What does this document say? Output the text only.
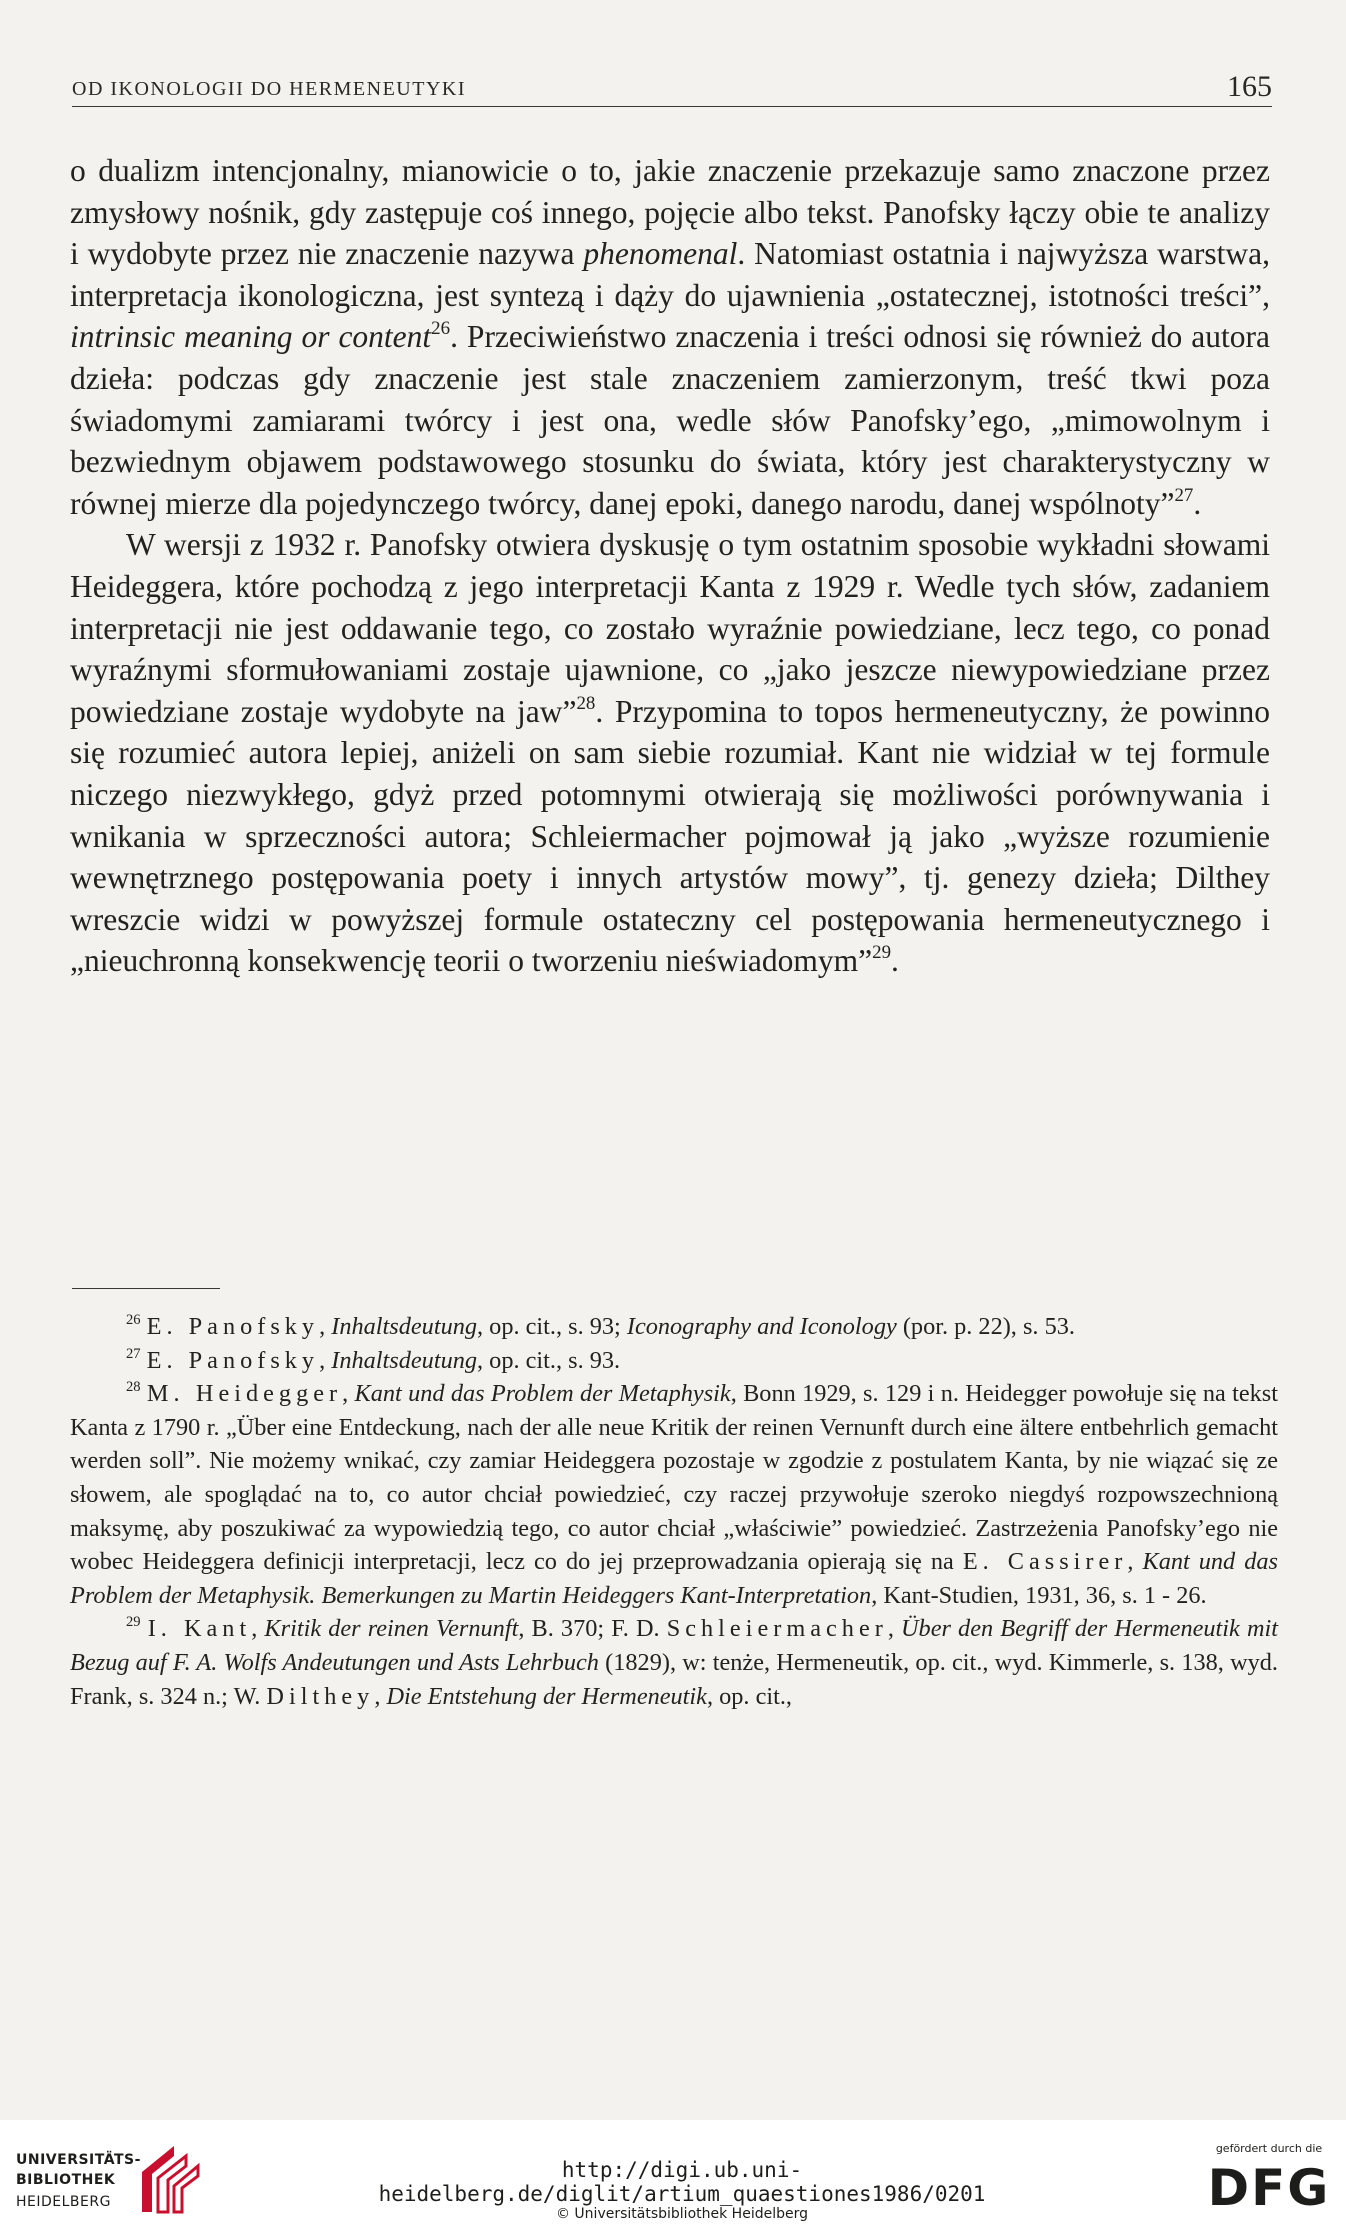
OD IKONOLOGII DO HERMENEUTYKI	165

o dualizm intencjonalny, mianowicie o to, jakie znaczenie przekazuje samo znaczone przez zmysłowy nośnik, gdy zastępuje coś innego, pojęcie albo tekst. Panofsky łączy obie te analizy i wydobyte przez nie znaczenie nazywa phenomenal. Natomiast ostatnia i najwyższa warstwa, interpretacja ikonologiczna, jest syntezą i dąży do ujawnienia „ostatecznej, istotności treści”, intrinsic meaning or content$^{26}$. Przeciwieństwo znaczenia i treści odnosi się również do autora dzieła: podczas gdy znaczenie jest stale znaczeniem zamierzonym, treść tkwi poza świadomymi zamiarami twórcy i jest ona, wedle słów Panofsky’ego, „mimowolnym i bezwiednym objawem podstawowego stosunku do świata, który jest charakterystyczny w równej mierze dla pojedynczego twórcy, danej epoki, danego narodu, danej wspólnoty”$^{27}$.

W wersji z 1932 r. Panofsky otwiera dyskusję o tym ostatnim sposobie wykładni słowami Heideggera, które pochodzą z jego interpretacji Kanta z 1929 r. Wedle tych słów, zadaniem interpretacji nie jest oddawanie tego, co zostało wyraźnie powiedziane, lecz tego, co ponad wyraźnymi sformułowaniami zostaje ujawnione, co „jako jeszcze niewypowiedziane przez powiedziane zostaje wydobyte na jaw”$^{28}$. Przypomina to topos hermeneutyczny, że powinno się rozumieć autora lepiej, aniżeli on sam siebie rozumiał. Kant nie widział w tej formule niczego niezwykłego, gdyż przed potomnymi otwierają się możliwości porównywania i wnikania w sprzeczności autora; Schleiermacher pojmował ją jako „wyższe rozumienie wewnętrznego postępowania poety i innych artystów mowy”, tj. genezy dzieła; Dilthey wreszcie widzi w powyższej formule ostateczny cel postępowania hermeneutycznego i „nieuchronną konsekwencję teorii o tworzeniu nieświadomym”$^{29}$.

$^{26}$ E. Panofsky, Inhaltsdeutung, op. cit., s. 93; Iconography and Iconology (por. p. 22), s. 53.

$^{27}$ E. Panofsky, Inhaltsdeutung, op. cit., s. 93.

$^{28}$ M. Heidegger, Kant und das Problem der Metaphysik, Bonn 1929, s. 129 i n. Heidegger powołuje się na tekst Kanta z 1790 r. „Über eine Entdeckung, nach der alle neue Kritik der reinen Vernunft durch eine ältere entbehrlich gemacht werden soll”. Nie możemy wnikać, czy zamiar Heideggera pozostaje w zgodzie z postulatem Kanta, by nie wiązać się ze słowem, ale spoglądać na to, co autor chciał powiedzieć, czy raczej przywołuje szeroko niegdyś rozpowszechnioną maksymę, aby poszukiwać za wypowiedzią tego, co autor chciał „właściwie” powiedzieć. Zastrzeżenia Panofsky’ego nie wobec Heideggera definicji interpretacji, lecz co do jej przeprowadzania opierają się na E. Cassirer, Kant und das Problem der Metaphysik. Bemerkungen zu Martin Heideggers Kant-Interpretation, Kant-Studien, 1931, 36, s. 1 - 26.

$^{29}$ I. Kant, Kritik der reinen Vernunft, B. 370; F. D. Schleiermacher, Über den Begriff der Hermeneutik mit Bezug auf F. A. Wolfs Andeutungen und Asts Lehrbuch (1829), w: tenże, Hermeneutik, op. cit., wyd. Kimmerle, s. 138, wyd. Frank, s. 324 n.; W. Dilthey, Die Entstehung der Hermeneutik, op. cit.,

UNIVERSITÄTS-
BIBLIOTHEK
HEIDELBERG
http://digi.ub.uni-heidelberg.de/diglit/artium_quaestiones1986/0201
© Universitätsbibliothek Heidelberg
gefördert durch die
DFG
